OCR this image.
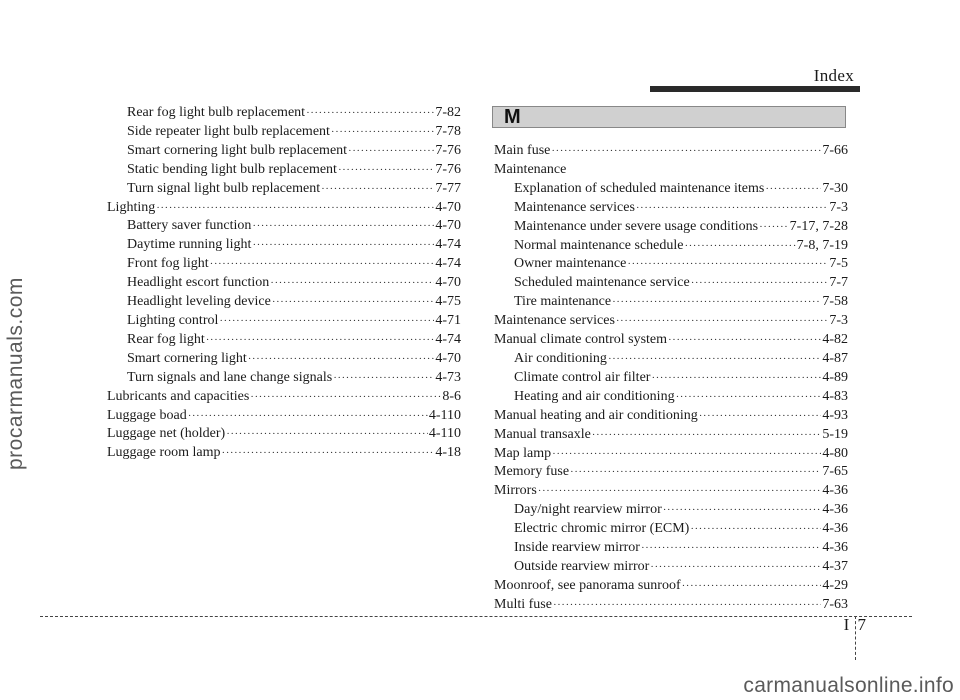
Index
procarmanuals.com
Rear fog light bulb replacement ·····	7-82
Side repeater light bulb replacement ·····	7-78
Smart cornering light bulb replacement ·····	7-76
Static bending light bulb replacement ·····	7-76
Turn signal light bulb replacement ·····	7-77
Lighting ·····	4-70
Battery saver function ·····	4-70
Daytime running light ·····	4-74
Front fog light ·····	4-74
Headlight escort function ·····	4-70
Headlight leveling device ·····	4-75
Lighting control ·····	4-71
Rear fog light ·····	4-74
Smart cornering light ·····	4-70
Turn signals and lane change signals ·····	4-73
Lubricants and capacities ·····	8-6
Luggage boad ·····	4-110
Luggage net (holder) ·····	4-110
Luggage room lamp ·····	4-18
M
Main fuse ·····	7-66
Maintenance
Explanation of scheduled maintenance items ·····	7-30
Maintenance services ·····	7-3
Maintenance under severe usage conditions ····· 7-17, 7-28
Normal maintenance schedule ·····	7-8, 7-19
Owner maintenance ·····	7-5
Scheduled maintenance service ·····	7-7
Tire maintenance ·····	7-58
Maintenance services ·····	7-3
Manual climate control system ·····	4-82
Air conditioning ·····	4-87
Climate control air filter ·····	4-89
Heating and air conditioning ·····	4-83
Manual heating and air conditioning ·····	4-93
Manual transaxle ·····	5-19
Map lamp ·····	4-80
Memory fuse ·····	7-65
Mirrors ·····	4-36
Day/night rearview mirror ·····	4-36
Electric chromic mirror (ECM) ·····	4-36
Inside rearview mirror ·····	4-36
Outside rearview mirror ·····	4-37
Moonroof, see panorama sunroof ·····	4-29
Multi fuse ·····	7-63
I 7
carmanualsonline.info
